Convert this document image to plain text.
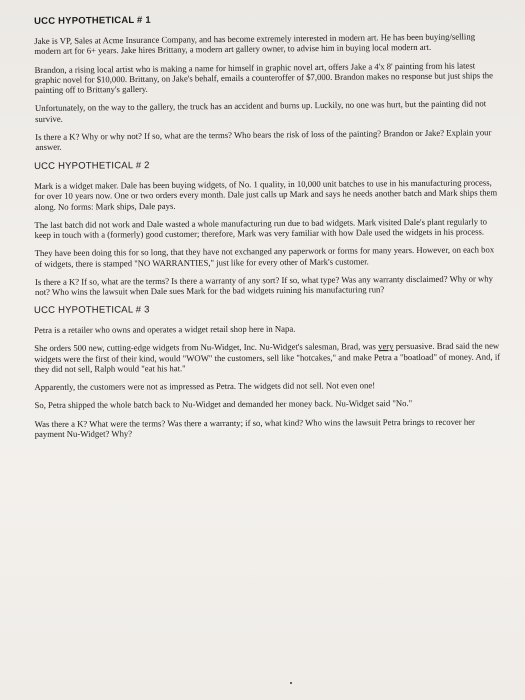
UCC HYPOTHETICAL # 1

Jake is VP, Sales at Acme Insurance Company, and has become extremely interested in modern art. He has been buying/selling modern art for 6+ years. Jake hires Brittany, a modern art gallery owner, to advise him in buying local modern art.

Brandon, a rising local artist who is making a name for himself in graphic novel art, offers Jake a 4'x 8' painting from his latest graphic novel for $10,000. Brittany, on Jake's behalf, emails a counteroffer of $7,000. Brandon makes no response but just ships the painting off to Brittany's gallery.

Unfortunately, on the way to the gallery, the truck has an accident and burns up. Luckily, no one was hurt, but the painting did not survive.

Is there a K? Why or why not? If so, what are the terms? Who bears the risk of loss of the painting? Brandon or Jake? Explain your answer.

UCC HYPOTHETICAL # 2

Mark is a widget maker. Dale has been buying widgets, of No. 1 quality, in 10,000 unit batches to use in his manufacturing process, for over 10 years now. One or two orders every month. Dale just calls up Mark and says he needs another batch and Mark ships them along. No forms: Mark ships, Dale pays.

The last batch did not work and Dale wasted a whole manufacturing run due to bad widgets. Mark visited Dale's plant regularly to keep in touch with a (formerly) good customer; therefore, Mark was very familiar with how Dale used the widgets in his process.

They have been doing this for so long, that they have not exchanged any paperwork or forms for many years. However, on each box of widgets, there is stamped "NO WARRANTIES," just like for every other of Mark's customer.

Is there a K? If so, what are the terms? Is there a warranty of any sort? If so, what type? Was any warranty disclaimed? Why or why not? Who wins the lawsuit when Dale sues Mark for the bad widgets ruining his manufacturing run?

UCC HYPOTHETICAL # 3

Petra is a retailer who owns and operates a widget retail shop here in Napa.

She orders 500 new, cutting-edge widgets from Nu-Widget, Inc. Nu-Widget's salesman, Brad, was very persuasive. Brad said the new widgets were the first of their kind, would "WOW" the customers, sell like "hotcakes," and make Petra a "boatload" of money. And, if they did not sell, Ralph would "eat his hat."

Apparently, the customers were not as impressed as Petra. The widgets did not sell. Not even one!

So, Petra shipped the whole batch back to Nu-Widget and demanded her money back. Nu-Widget said "No."

Was there a K? What were the terms? Was there a warranty; if so, what kind? Who wins the lawsuit Petra brings to recover her payment Nu-Widget? Why?
